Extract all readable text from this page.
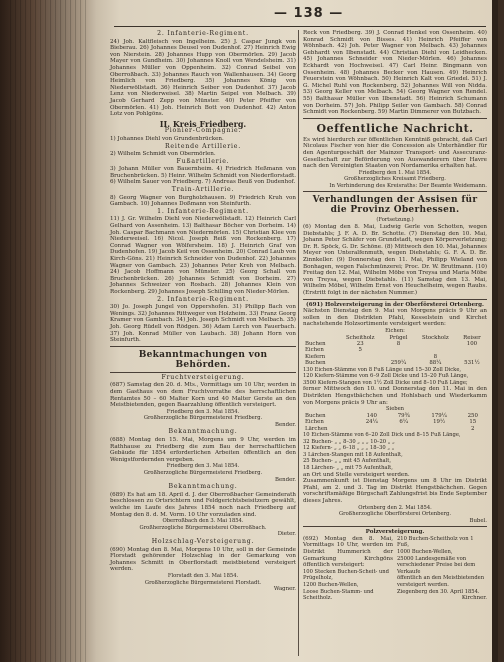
— 138 —
2. Infanterie-Regiment.

24) Joh. Kaltfleisch von Ingelheim. 25) J. Caspar Jungk von Bieberau. 26) Johannes Deusel von Dudenhof. 27) Heinrich Ewig von Nierstein. 28) Johannes Hupp von Obermörlen. 29) Jacob Mayer von Gundheim. 30) Johannes Knoll von Wendelsheim. 31) Johannes Müller von Oppenheim. 32) Conrad Seibel von Oberroßbach. 33) Johannes Rauch von Wallenhausen. 34) Georg Heimlich von Friedberg. 35) Johannes König von Niederwöllstadt. 36) Heinrich Seiber von Dudenhof. 37) Jacob Lenz von Niederweisel. 38) Martin Seipel von Melbach. 39) Jacob Gerhard Zepp von Münster. 40) Peter Pfeiffer von Obermörlen. 41) Joh. Heinrich Bott von Dudenhof. 42) Anton Lotz von Pohlgöns.

II. Kreis Friedberg.
Pionier-Compagnie.

1) Johannes Diehl von Grundenbrücken.

Reitende Artillerie.

2) Wilhelm Schmidt von Obermörlen.

Fußartillerie.

3) Johann Müller von Bauernheim. 4) Friedrich Heßmann von Bruchenbrücken. 5) Heinr. Wilhelm Schmidt von Niederflorstadt. 6) Wilhelm Sauer von Friedberg. 7) Andreas Beuß von Dudenhof.

Train-Artillerie.

8) Georg Wagner von Burgholzhausen. 9) Friedrich Kruh von Gambach. 10) Johannes Doßmann von Steinfurth.

1. Infanterie-Regiment.

11) J. Gr. Wilhelm Diehl von Niederwöllstadt. 12) Heinrich Carl Gelhard von Assenheim. 13) Balthasar Böcher von Dorheim. 14) Joh. Caspar Bachmann von Niedermörlen. 15) Christian Klee von Niederweisel. 16) Nicol. Joseph Reiß von Rockenberg. 17) Conrad Wagner von Wölfersheim. 18) J. Heinrich Graf von Dudenhofen. 19) Jacob Keil von Ossenheim. 20) Conrad Laub von Kirch-Göns. 21) Heinrich Schneider von Dudenhof. 22) Johannes Wagner von Gambach. 23) Johannes Peter Kreh von Melbach. 24) Jacob Hoffmann von Münster. 25) Georg Schall von Bruchenbrücken. 26) Johannes Schmidt von Dorheim. 27) Johannes Schweizer von Rosbach. 28) Johannes Klein von Rockenberg. 29) Johannes Joseph Schilling von Nieder-Mörlen.

2. Infanterie-Regiment.

30) Jo. Joseph Jungel von Oppershofen. 31) Philipp Bach von Wenings. 32) Johannes Rittweger von Holzheim. 33) Franz Georg Kramer von Gambach. 34) Joh. Joseph Schmidt von Melbach. 35) Joh. Georg Rüdell von Rödgen. 36) Adam Lerch von Fauerbach. 37) Joh. Konrad Müller von Laubach. 38) Johann Horn von Steinfurth.

Bekanntmachungen von Behörden.
Fruchtversteigerung.

(687) Samstag den 20. d. Mts., Vormittags um 10 Uhr, werden in dem Gasthaus von dem Fruchtvorrathe des herrschaftlichen Rentamtes 50 – 60 Malter Korn und 40 Malter Gerste an den Meistbietenden, gegen Baarzahlung öffentlich versteigert.

Friedberg den 3. Mai 1854.
Großherzogliche Bürgermeisterei Friedberg.
Bender.
Bekanntmachung.

(688) Montag den 15. Mai, Morgens um 9 Uhr, werden im Rathhause zu Friedberg die zum Bau der herrschaftlichen Gebäude für 1854 erforderlichen Arbeiten öffentlich an den Wenigstfordernden vergeben.

Friedberg den 3. Mai 1854.
Großherzogliche Bürgermeisterei Friedberg.
Bender.
Bekanntmachung.

(689) Es hat am 18. April d. J. der Oberroßbacher Gemeinderath beschlossen zu Ortsrichtern und Feldgerichtsbeisitzern gewählt, welche im Laufe des Jahres 1854 noch nach Friedberg auf Montag den 8. d. M. Vorm. 10 Uhr vorzuladen sind.

Oberroßbach den 3. Mai 1854.
Großherzogliche Bürgermeisterei Oberroßbach.
Dieter.
Holzschlag-Versteigerung.

(690) Montag den 8. Mai, Morgens 10 Uhr, soll in der Gemeinde Florstadt gehörender Holzschlag in der Gemarkung von Johannes Schmitt in Oberflorstadt meistbietend versteigert werden.

Florstadt den 3. Mai 1854.
Großherzogliche Bürgermeisterei Florstadt.
Wagner.

Reck von Friedberg. 39) J. Conrad Henkel von Ossenheim. 40) Konrad Schmidt von Bisses. 41) Heinrich Pfeiffer von Wöhnbach. 42) Joh. Peter Wagner von Melbach. 43) Johannes Gebhardt von Ilbenstadt. 44) Christian Diehl von Leidhecken. 45) Johannes Schneider von Nieder-Mörlen. 46) Johannes Eckhardt von Hochweisel. 47) Carl Heinr. Bingmann von Ossenheim. 48) Johannes Becker von Hausen. 49) Heinrich Feuerstein von Wöhnbach. 50) Heinrich Kalt von Griedel. 51) J. G. Michel Ruhl von Rockenberg. 52) Johannes Will von Nidda. 53) Georg Keller von Melbach. 54) Georg Wagner von Rendel. 55) Balthasar Müller von Ilbenstadt. 56) Heinrich Schumann von Dorheim. 57) Joh. Philipp Seiler von Gambach. 58) Conrad Schmidt von Rockenberg. 59) Martin Dimmerer von Butzbach.

Oeffentliche Nachricht.

Es wird hierdurch zur öffentlichen Kenntniß gebracht, daß Carl Nicolaus Fischer von hier die Concession als Unterhändler für den Agenturgeschäft der Mainzer Transport- und Assecuranz-Gesellschaft zur Beförderung von Auswanderern über Havre nach den Vereinigten Staaten von Nordamerika erhalten hat.

Friedberg den 1. Mai 1854.
Großherzogliches Kreisamt Friedberg.
In Verhinderung des Kreisraths: Der Beamte Weidemann.
Verhandlungen der Assisen für die Provinz Oberhessen.
(Fortsetzung.)

(6) Montag den 8. Mai, Ludwig Gerle von Schotten, wegen Diebstahls; J. F. A. D. Br. Schotte. (7) Dienstag den 10. Mai, Johann Peter Schäfer von Grundstadt, wegen Körperverletzung; Dr. R. Spöck, G. Dr. Schöne. (8) Mittwoch den 10. Mai, Johannes Meyer von Unteralfenmuth, wegen Diebstahls; G. F. A. D. Br. Zinnkeller. (9) Donnerstag den 11. Mai, Philipp Wieland von Bonhagen, wegen Falschmünzerei; Proc. Dr. W. Bruttmann. (10) Freitag den 12. Mai, Wilhelm Möbe von Treysa und Maria Möbe von Treysa, wegen Diebstahls. (11) Samstag den 13. Mai, Wilhelm Möbel, Wilhelm Ernst von Heuchelheim, wegen Raubs. (Erstritt folgt in der nächsten Nummer.)

(691) Holzversteigerung in der Oberförsterei Ortenberg.

Nächsten Dienstag den 9. Mai von Morgens präcis 9 Uhr an sollen in den Distrikten Pfahl, Kesselstein und Kirchet nachstehende Holzsortimente versteigert werden:

Eichen:
	Scheitholz	Prügel	Stockholz	Reiser
Buchen	23	8		100
Eichen	5			
Kiefern			8	
Buchen		259¼	88¼	531½
130 Eichen-Stämme von 8 Fuß Länge und 15–30 Zoll Dicke,
120 Kiefern-Stämme von 6–9 Zoll Dicke und 15–20 Fuß Länge,
3500 Kiefern-Stangen von 1½ Zoll Dicke und 8–10 Fuß Länge;

ferner Mittwoch den 10. und Donnerstag den 11. Mai in den Distrikten Hengstbächchen und Hohlsbach und Wiederkamm von Morgens präcis 9 Uhr an:

Sieben
Buchen	140	79¾	179¼	250
Eichen	24¼	6¼	19½	15
Lärchen				2
10 Eichen-Stämme von 6–20 Zoll Dick und 8–15 Fuß Länge,
32 Buchen- „ „ 8–30 „ „ „ 10–20 „ „
12 Kiefern- „ „ 6–18 „ „ „ 18–30 „ „
3 Lärchen-Stangen mit 18 Aufenthalt,
25 Buchen- „ „ mit 45 Aufenthalt,
18 Lärchen- „ „ mit 75 Aufenthalt,

an Ort und Stelle versteigert werden.

Zusammenkunft ist Dienstag Morgens um 8 Uhr im Distrikt Pfahl, am 2. und 3. Tag im Distrikt Hengstbächchen. Gegen vorschriftsmäßige Bürgschaft Zahlungsfrist bis Ende September dieses Jahres.

Ortenberg den 2. Mai 1854.
Großherzogliche Oberförsterei Ortenberg.
Bubel.
Polzversteigerung.

(692) Montag den 8. Mai, Vormittags 10 Uhr, werden im Distrikt Hummerich der Gemarkung Kirchgöns öffentlich versteigert:

100 Stecken Buchen-Scheit- und Prügelholz,
1200 Buchen-Wellen,
Loose Buchen-Stamm- und Scheitholz.
210 Buchen-Scheitholz von 1 Fuß,
1000 Buchen-Wellen,
25000 Landesgemäße von verschiedener Preise bei dem Verkaufe
öffentlich an den Meistbietenden versteigert werden.
Ziegenberg den 30. April 1854.
Kirchner.
